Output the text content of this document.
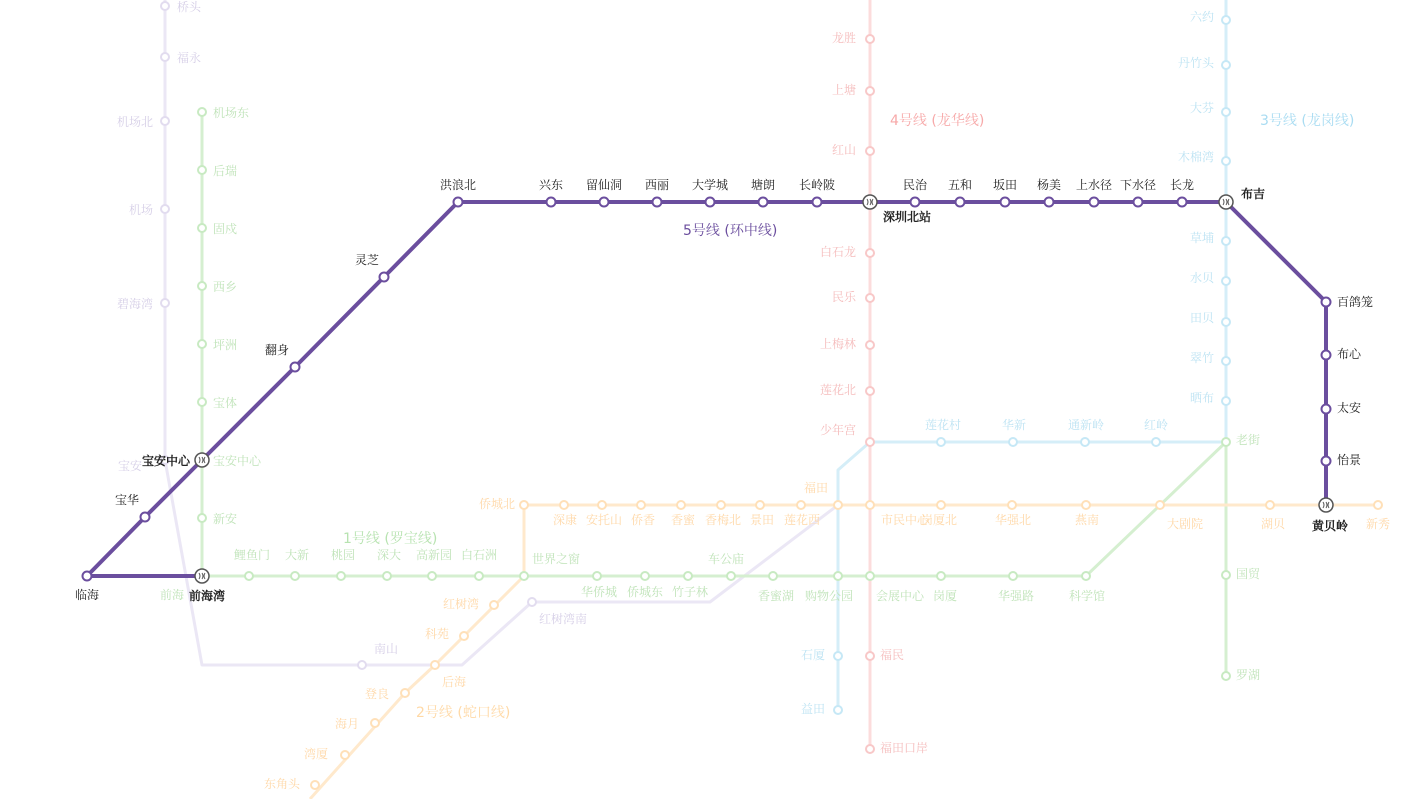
1号线 (罗宝线)
2号线 (蛇口线)
3号线 (龙岗线)
4号线 (龙华线)
桥头
福永
机场北
机场
碧海湾
宝安
机场东
后瑞
固戍
西乡
坪洲
宝体
宝安中心
新安
前海
鲤鱼门 大新 桃园 深大 高新园 白石洲	世界之窗
华侨城 侨城东 竹子林
车公庙
香蜜湖 购物公园 会展中心 岗厦	华强路	科学馆
大剧院	湖贝	新秀
侨城北
深康 安托山 侨香 香蜜 香梅北 景田 莲花西
福田
市民中心
岗厦北	华强北	燕南
红树湾
科苑
后海
登良
海月
湾厦
东角头
南山
红树湾南
龙胜
上塘
红山
白石龙
民乐
上梅林
莲花北
少年宫
福民
福田口岸
石厦
益田
莲花村	华新	通新岭	红岭
老街
国贸
罗湖
六约
丹竹头
大芬
木棉湾
草埔
水贝
田贝
翠竹
晒布
5号线 (环中线)
临海
宝华
宝安中心
翻身
灵芝
洪浪北	兴东 留仙洞 西丽 大学城 塘朗 长岭陂
深圳北站
民治 五和 坂田 杨美 上水径 下水径 长龙
布吉
百鸽笼
布心
太安
怡景
黄贝岭
前海湾
